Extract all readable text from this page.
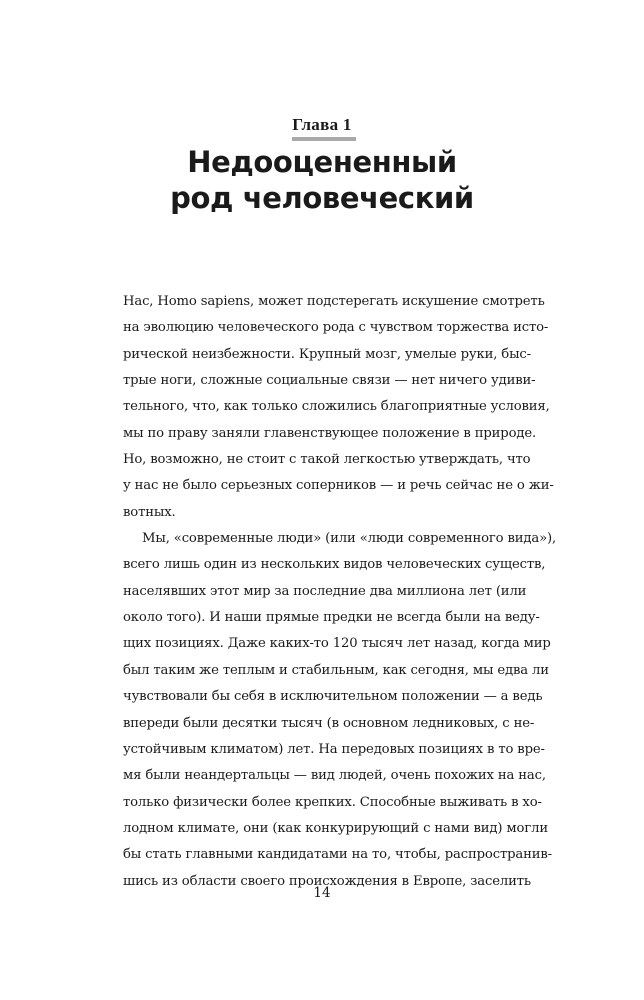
Глава 1
Недооцененный
род человеческий
Нас, Homo sapiens, может подстерегать искушение смотреть
на эволюцию человеческого рода с чувством торжества исто-
рической неизбежности. Крупный мозг, умелые руки, быс-
трые ноги, сложные социальные связи — нет ничего удиви-
тельного, что, как только сложились благоприятные условия,
мы по праву заняли главенствующее положение в природе.
Но, возможно, не стоит с такой легкостью утверждать, что
у нас не было серьезных соперников — и речь сейчас не о жи-
вотных.
Мы, «современные люди» (или «люди современного вида»),
всего лишь один из нескольких видов человеческих существ,
населявших этот мир за последние два миллиона лет (или
около того). И наши прямые предки не всегда были на веду-
щих позициях. Даже каких-то 120 тысяч лет назад, когда мир
был таким же теплым и стабильным, как сегодня, мы едва ли
чувствовали бы себя в исключительном положении — а ведь
впереди были десятки тысяч (в основном ледниковых, с не-
устойчивым климатом) лет. На передовых позициях в то вре-
мя были неандертальцы — вид людей, очень похожих на нас,
только физически более крепких. Способные выживать в хо-
лодном климате, они (как конкурирующий с нами вид) могли
бы стать главными кандидатами на то, чтобы, распространив-
шись из области своего происхождения в Европе, заселить
14
